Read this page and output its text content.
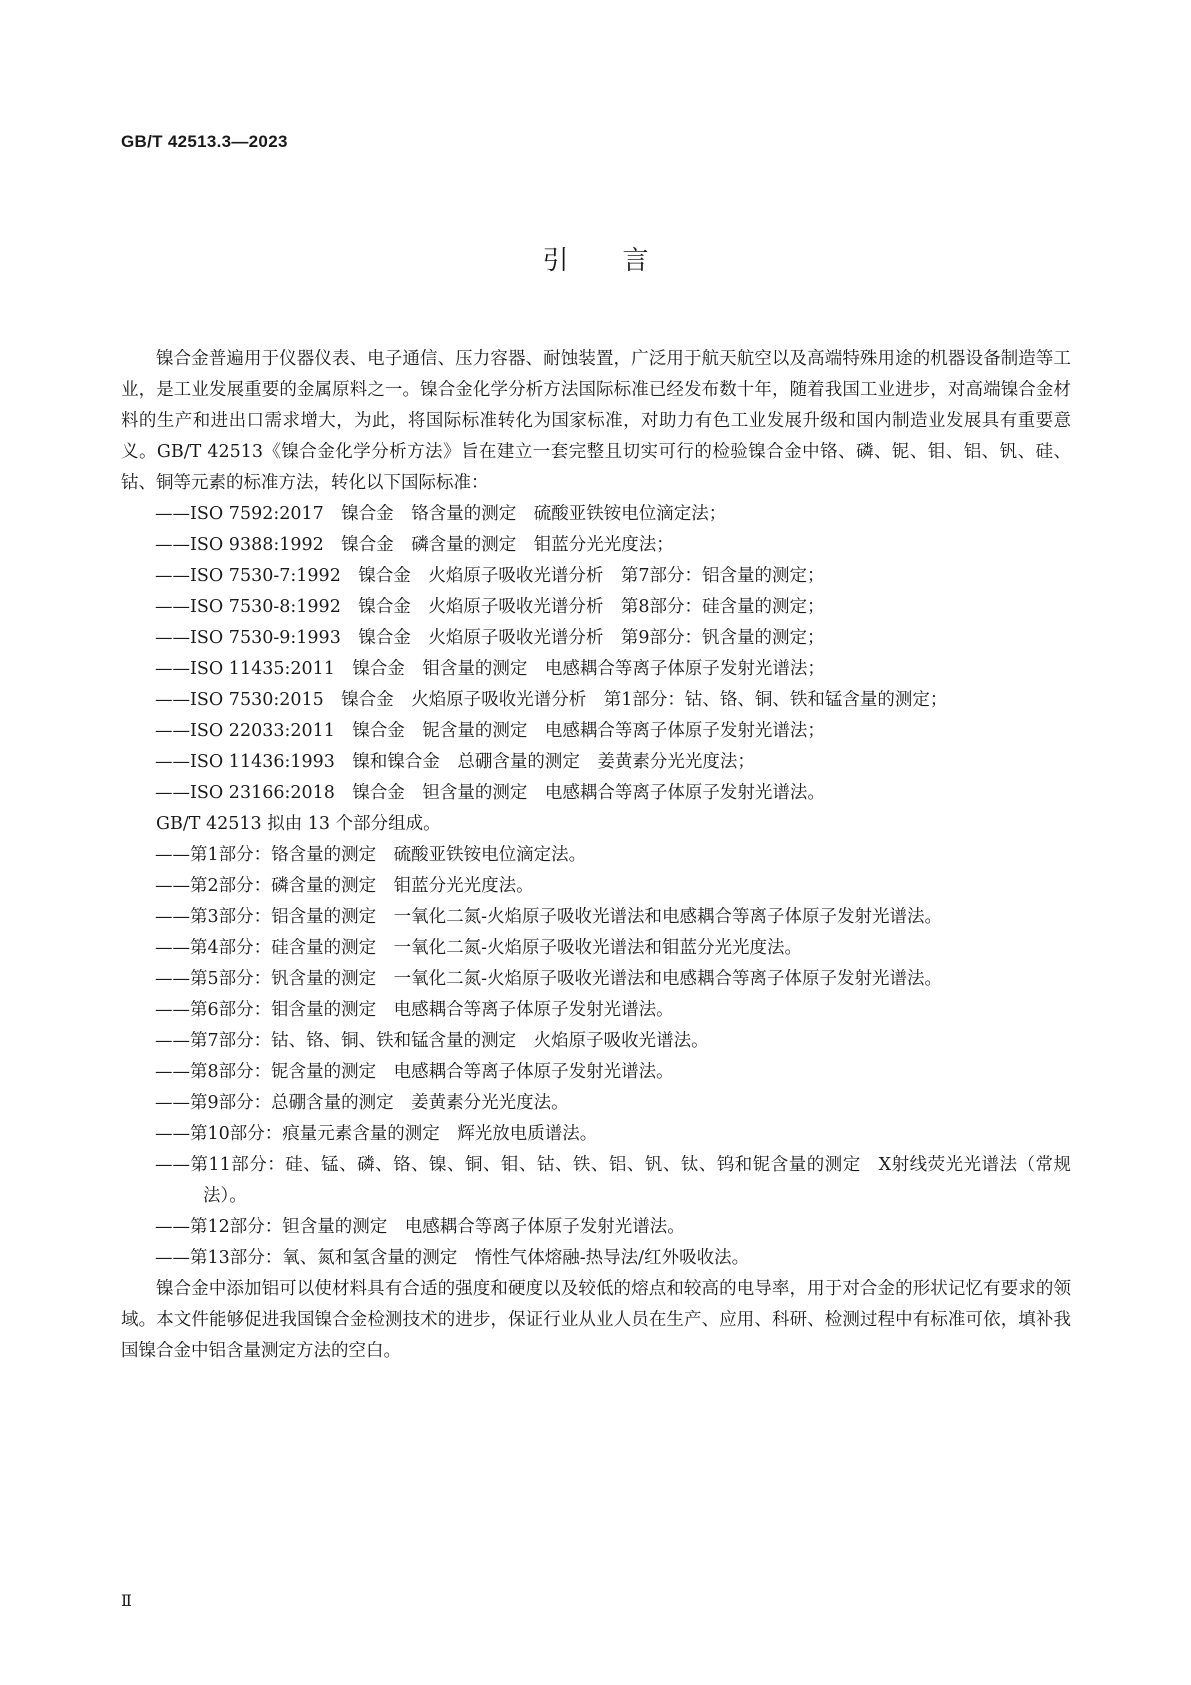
GB/T 42513.3—2023
引言

镍合金普遍用于仪器仪表、电子通信、压力容器、耐蚀装置，广泛用于航天航空以及高端特殊用途的机器设备制造等工业，是工业发展重要的金属原料之一。镍合金化学分析方法国际标准已经发布数十年，随着我国工业进步，对高端镍合金材料的生产和进出口需求增大，为此，将国际标准转化为国家标准，对助力有色工业发展升级和国内制造业发展具有重要意义。GB/T 42513《镍合金化学分析方法》旨在建立一套完整且切实可行的检验镍合金中铬、磷、铌、钼、铝、钒、硅、钴、铜等元素的标准方法，转化以下国际标准：

——ISO 7592:2017　镍合金　铬含量的测定　硫酸亚铁铵电位滴定法；

——ISO 9388:1992　镍合金　磷含量的测定　钼蓝分光光度法；

——ISO 7530-7:1992　镍合金　火焰原子吸收光谱分析　第7部分：铝含量的测定；

——ISO 7530-8:1992　镍合金　火焰原子吸收光谱分析　第8部分：硅含量的测定；

——ISO 7530-9:1993　镍合金　火焰原子吸收光谱分析　第9部分：钒含量的测定；

——ISO 11435:2011　镍合金　钼含量的测定　电感耦合等离子体原子发射光谱法；

——ISO 7530:2015　镍合金　火焰原子吸收光谱分析　第1部分：钴、铬、铜、铁和锰含量的测定；

——ISO 22033:2011　镍合金　铌含量的测定　电感耦合等离子体原子发射光谱法；

——ISO 11436:1993　镍和镍合金　总硼含量的测定　姜黄素分光光度法；

——ISO 23166:2018　镍合金　钽含量的测定　电感耦合等离子体原子发射光谱法。

GB/T 42513 拟由 13 个部分组成。

——第1部分：铬含量的测定　硫酸亚铁铵电位滴定法。

——第2部分：磷含量的测定　钼蓝分光光度法。

——第3部分：铝含量的测定　一氧化二氮-火焰原子吸收光谱法和电感耦合等离子体原子发射光谱法。

——第4部分：硅含量的测定　一氧化二氮-火焰原子吸收光谱法和钼蓝分光光度法。

——第5部分：钒含量的测定　一氧化二氮-火焰原子吸收光谱法和电感耦合等离子体原子发射光谱法。

——第6部分：钼含量的测定　电感耦合等离子体原子发射光谱法。

——第7部分：钴、铬、铜、铁和锰含量的测定　火焰原子吸收光谱法。

——第8部分：铌含量的测定　电感耦合等离子体原子发射光谱法。

——第9部分：总硼含量的测定　姜黄素分光光度法。

——第10部分：痕量元素含量的测定　辉光放电质谱法。

——第11部分：硅、锰、磷、铬、镍、铜、钼、钴、铁、铝、钒、钛、钨和铌含量的测定　X射线荧光光谱法（常规法）。

——第12部分：钽含量的测定　电感耦合等离子体原子发射光谱法。

——第13部分：氧、氮和氢含量的测定　惰性气体熔融-热导法/红外吸收法。

镍合金中添加铝可以使材料具有合适的强度和硬度以及较低的熔点和较高的电导率，用于对合金的形状记忆有要求的领域。本文件能够促进我国镍合金检测技术的进步，保证行业从业人员在生产、应用、科研、检测过程中有标准可依，填补我国镍合金中铝含量测定方法的空白。

Ⅱ
